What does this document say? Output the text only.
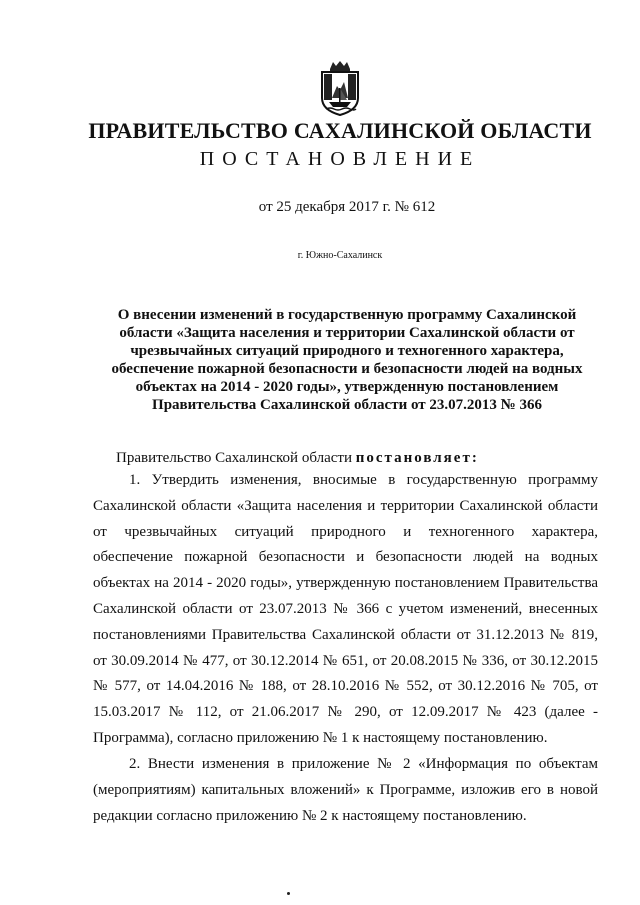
ПРАВИТЕЛЬСТВО САХАЛИНСКОЙ ОБЛАСТИ
ПОСТАНОВЛЕНИЕ
от 25 декабря 2017 г. № 612
г. Южно-Сахалинск
О внесении изменений в государственную программу Сахалинской области «Защита населения и территории Сахалинской области от чрезвычайных ситуаций природного и техногенного характера, обеспечение пожарной безопасности и безопасности людей на водных объектах на 2014 - 2020 годы», утвержденную постановлением Правительства Сахалинской области от 23.07.2013 № 366
Правительство Сахалинской области постановляет:
1. Утвердить изменения, вносимые в государственную программу Сахалинской области «Защита населения и территории Сахалинской области от чрезвычайных ситуаций природного и техногенного характера, обеспечение пожарной безопасности и безопасности людей на водных объектах на 2014 - 2020 годы», утвержденную постановлением Правительства Сахалинской области от 23.07.2013 № 366 с учетом изменений, внесенных постановлениями Правительства Сахалинской области от 31.12.2013 № 819, от 30.09.2014 № 477, от 30.12.2014 № 651, от 20.08.2015 № 336, от 30.12.2015 № 577, от 14.04.2016 № 188, от 28.10.2016 № 552, от 30.12.2016 № 705, от 15.03.2017 № 112, от 21.06.2017 № 290, от 12.09.2017 № 423 (далее - Программа), согласно приложению № 1 к настоящему постановлению.
2. Внести изменения в приложение № 2 «Информация по объектам (мероприятиям) капитальных вложений» к Программе, изложив его в новой редакции согласно приложению № 2 к настоящему постановлению.
